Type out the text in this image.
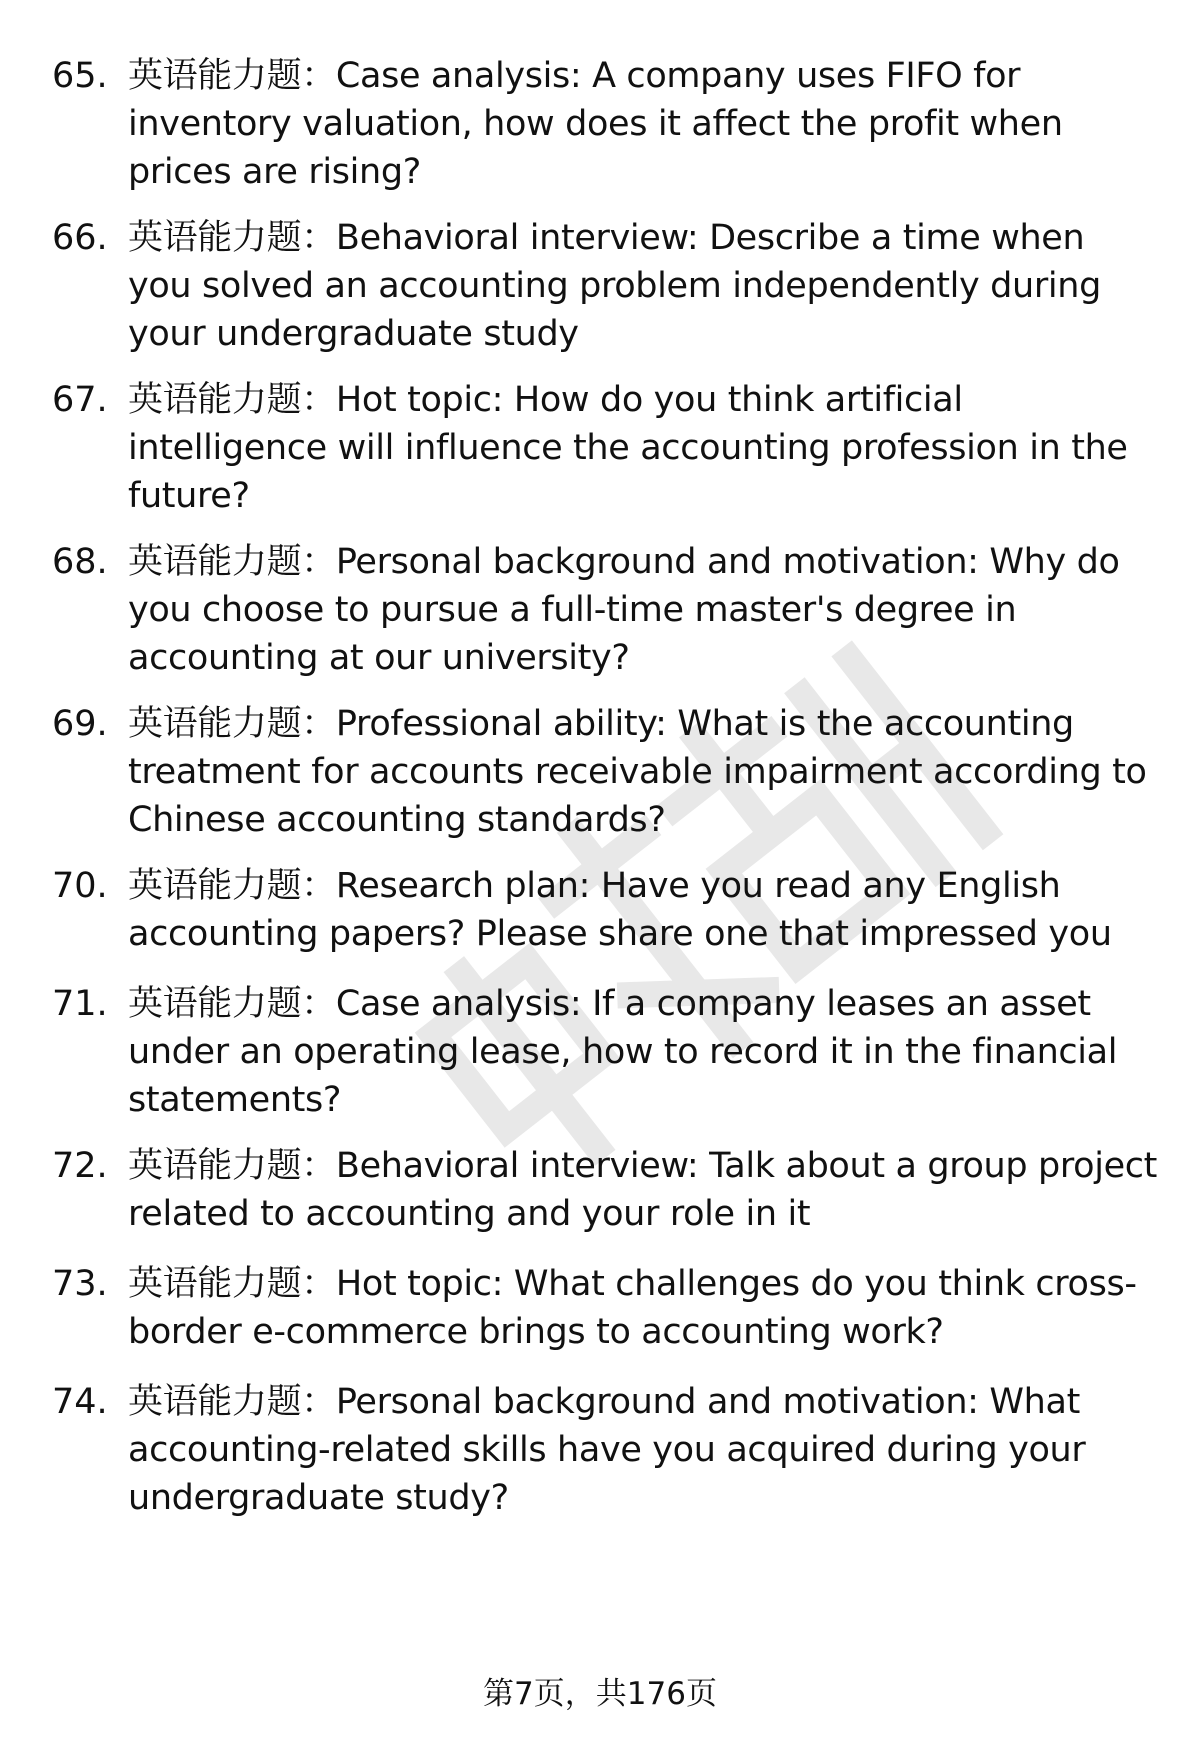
65. 英语能力题：Case analysis: A company uses FIFO for inventory valuation, how does it affect the profit when prices are rising?
66. 英语能力题：Behavioral interview: Describe a time when you solved an accounting problem independently during your undergraduate study
67. 英语能力题：Hot topic: How do you think artificial intelligence will influence the accounting profession in the future?
68. 英语能力题：Personal background and motivation: Why do you choose to pursue a full-time master's degree in accounting at our university?
69. 英语能力题：Professional ability: What is the accounting treatment for accounts receivable impairment according to Chinese accounting standards?
70. 英语能力题：Research plan: Have you read any English accounting papers? Please share one that impressed you
71. 英语能力题：Case analysis: If a company leases an asset under an operating lease, how to record it in the financial statements?
72. 英语能力题：Behavioral interview: Talk about a group project related to accounting and your role in it
73. 英语能力题：Hot topic: What challenges do you think cross-border e-commerce brings to accounting work?
74. 英语能力题：Personal background and motivation: What accounting-related skills have you acquired during your undergraduate study?
第7页，共176页
